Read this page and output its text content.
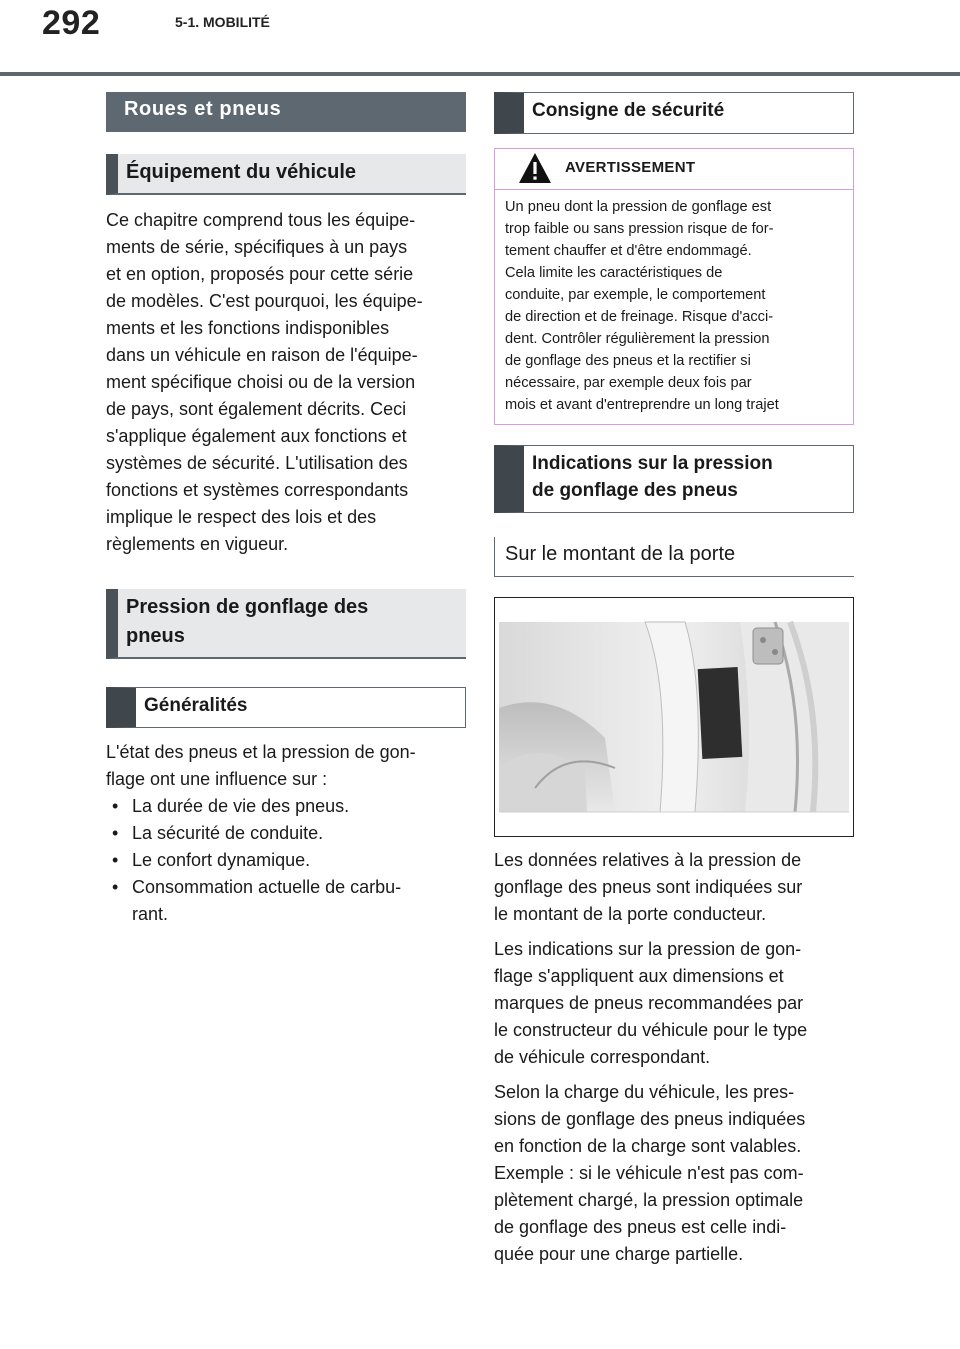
292	5-1. MOBILITÉ
Roues et pneus
Équipement du véhicule

Ce chapitre comprend tous les équipe-
ments de série, spécifiques à un pays
et en option, proposés pour cette série
de modèles. C'est pourquoi, les équipe-
ments et les fonctions indisponibles
dans un véhicule en raison de l'équipe-
ment spécifique choisi ou de la version
de pays, sont également décrits. Ceci
s'applique également aux fonctions et
systèmes de sécurité. L'utilisation des
fonctions et systèmes correspondants
implique le respect des lois et des
règlements en vigueur.

Pression de gonflage des
pneus
Généralités

L'état des pneus et la pression de gon-
flage ont une influence sur :

• La durée de vie des pneus.
• La sécurité de conduite.
• Le confort dynamique.
• Consommation actuelle de carbu-
rant.
Consigne de sécurité
AVERTISSEMENT
Un pneu dont la pression de gonflage est
trop faible ou sans pression risque de for-
tement chauffer et d'être endommagé.
Cela limite les caractéristiques de
conduite, par exemple, le comportement
de direction et de freinage. Risque d'acci-
dent. Contrôler régulièrement la pression
de gonflage des pneus et la rectifier si
nécessaire, par exemple deux fois par
mois et avant d'entreprendre un long trajet
Indications sur la pression
de gonflage des pneus
Sur le montant de la porte

Les données relatives à la pression de
gonflage des pneus sont indiquées sur
le montant de la porte conducteur.

Les indications sur la pression de gon-
flage s'appliquent aux dimensions et
marques de pneus recommandées par
le constructeur du véhicule pour le type
de véhicule correspondant.

Selon la charge du véhicule, les pres-
sions de gonflage des pneus indiquées
en fonction de la charge sont valables.
Exemple : si le véhicule n'est pas com-
plètement chargé, la pression optimale
de gonflage des pneus est celle indi-
quée pour une charge partielle.
